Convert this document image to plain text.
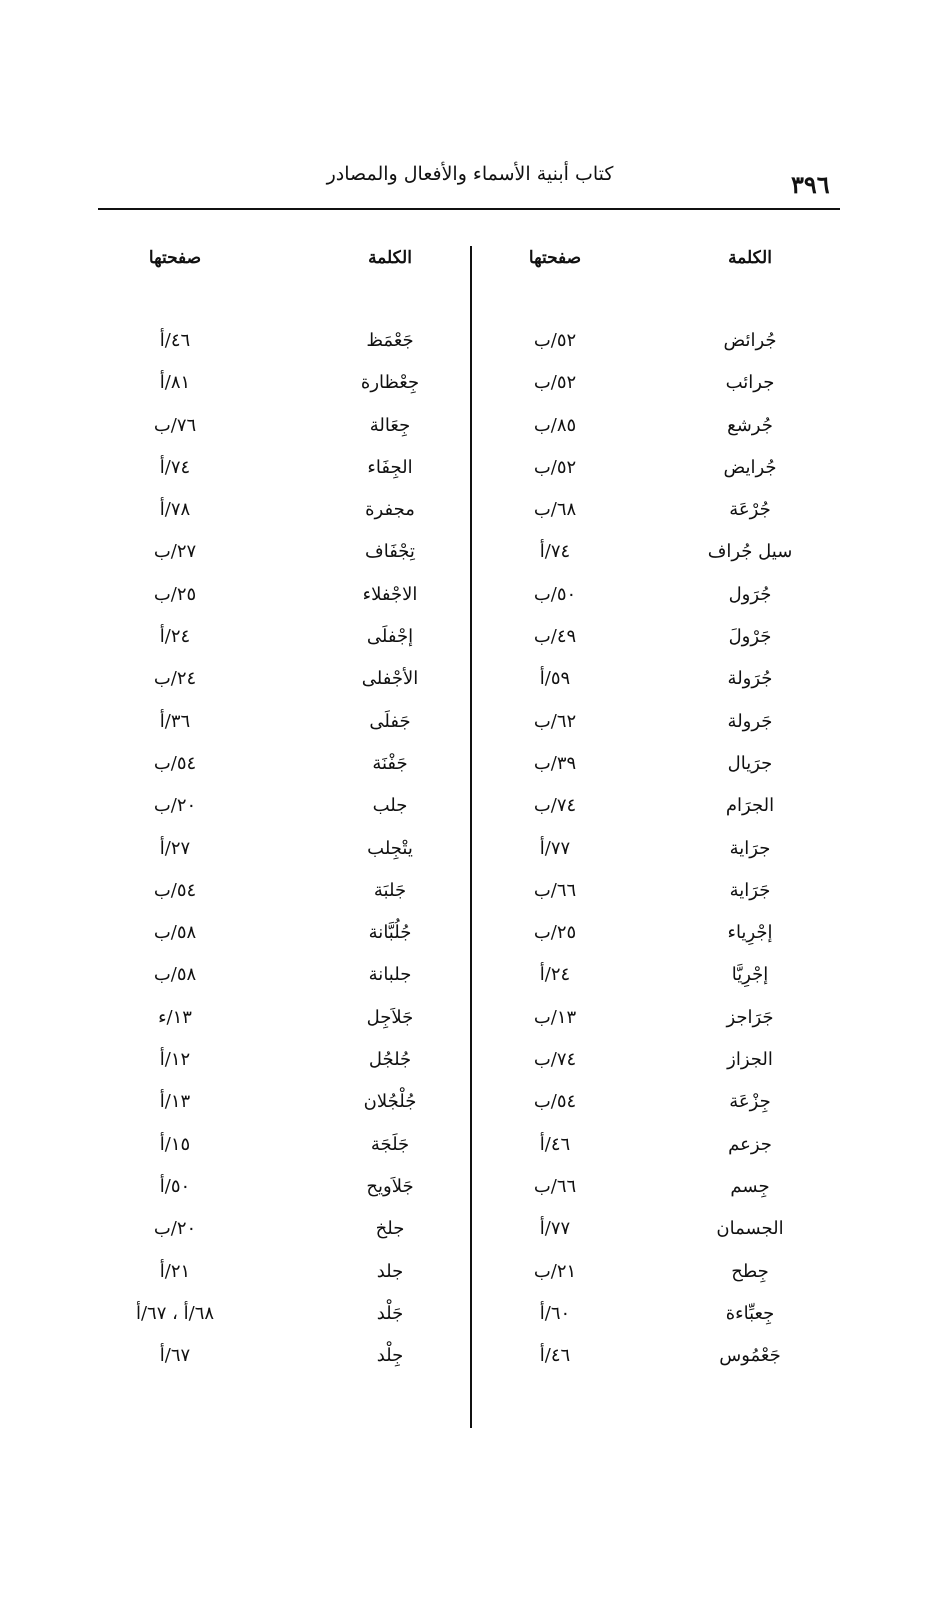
٣٩٦
كتاب أبنية الأسماء والأفعال والمصادر
الكلمة
صفحتها
الكلمة
صفحتها
جُرائض
جرائب
جُرشع
جُرايض
جُرْعَة
سيل جُراف
جُرَول
جَرْولَ
جُرَولة
جَرولة
جرَيال
الجرَام
جرَاية
جَرَاية
إجْرِياء
إجْرِيَّا
جَرَاجز
الجزاز
جِزْعَة
جزعم
جِسم
الجسمان
جِطح
جِعبِّاءة
جَعْمُوس
٥٢/ب
٥٢/ب
٨٥/ب
٥٢/ب
٦٨/ب
٧٤/أ
٥٠/ب
٤٩/ب
٥٩/أ
٦٢/ب
٣٩/ب
٧٤/ب
٧٧/أ
٦٦/ب
٢٥/ب
٢٤/أ
١٣/ب
٧٤/ب
٥٤/ب
٤٦/أ
٦٦/ب
٧٧/أ
٢١/ب
٦٠/أ
٤٦/أ
جَعْمَظ
جِعْظارة
جِعَالة
الجِفَاء
مجفرة
تِجْفَاف
الاجْفلاء
إجْفلَى
الأجْفلى
جَفلَى
جَفْنَة
جلب
يتْجِلب
جَلبَة
جُلُبَّانة
جلبانة
جَلاَجِل
جُلجُل
جُلْجُلان
جَلَجَة
جَلاَويح
جلخ
جلد
جَلْد
جِلْد
٤٦/أ
٨١/أ
٧٦/ب
٧٤/أ
٧٨/أ
٢٧/ب
٢٥/ب
٢٤/أ
٢٤/ب
٣٦/أ
٥٤/ب
٢٠/ب
٢٧/أ
٥٤/ب
٥٨/ب
٥٨/ب
١٣/ء
١٢/أ
١٣/أ
١٥/أ
٥٠/أ
٢٠/ب
٢١/أ
٦٨/أ ، ٦٧/أ
٦٧/أ
